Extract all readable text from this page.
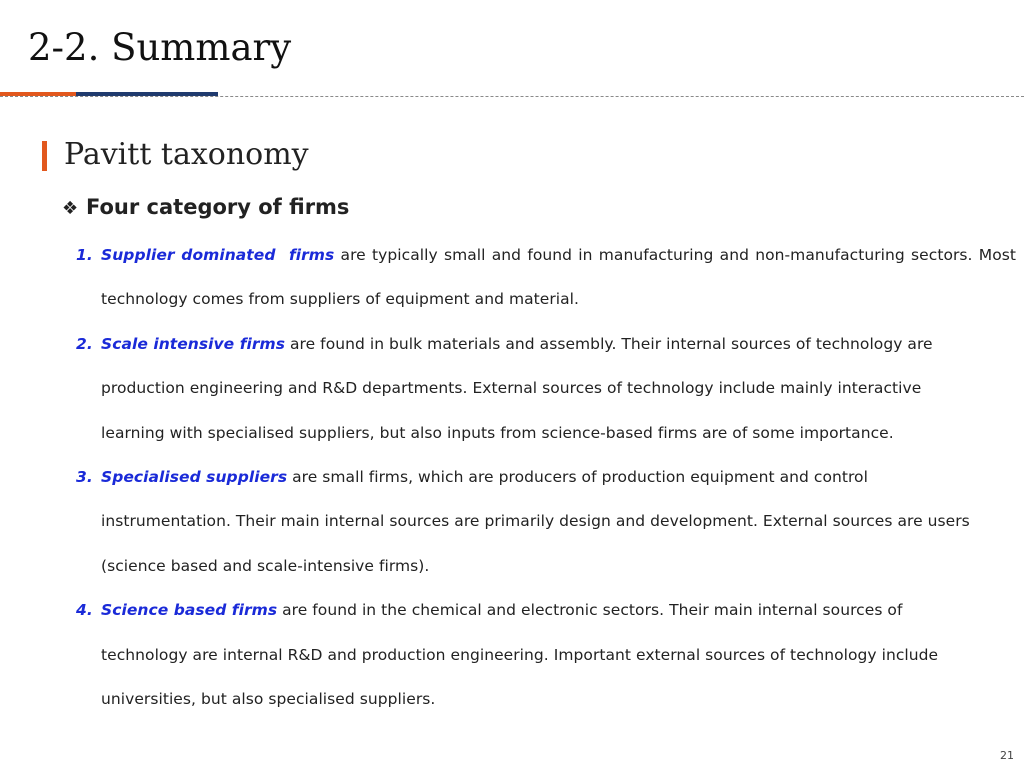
2-2. Summary
Pavitt taxonomy
❖ Four category of firms
1. Supplier dominated  firms are typically small and found in manufacturing and non-manufacturing sectors. Most technology comes from suppliers of equipment and material.
2. Scale intensive firms are found in bulk materials and assembly. Their internal sources of technology are production engineering and R&D departments. External sources of technology include mainly interactive learning with specialised suppliers, but also inputs from science-based firms are of some importance.
3. Specialised suppliers are small firms, which are producers of production equipment and control instrumentation. Their main internal sources are primarily design and development. External sources are users (science based and scale-intensive firms).
4. Science based firms are found in the chemical and electronic sectors. Their main internal sources of technology are internal R&D and production engineering. Important external sources of technology include universities, but also specialised suppliers.
21
